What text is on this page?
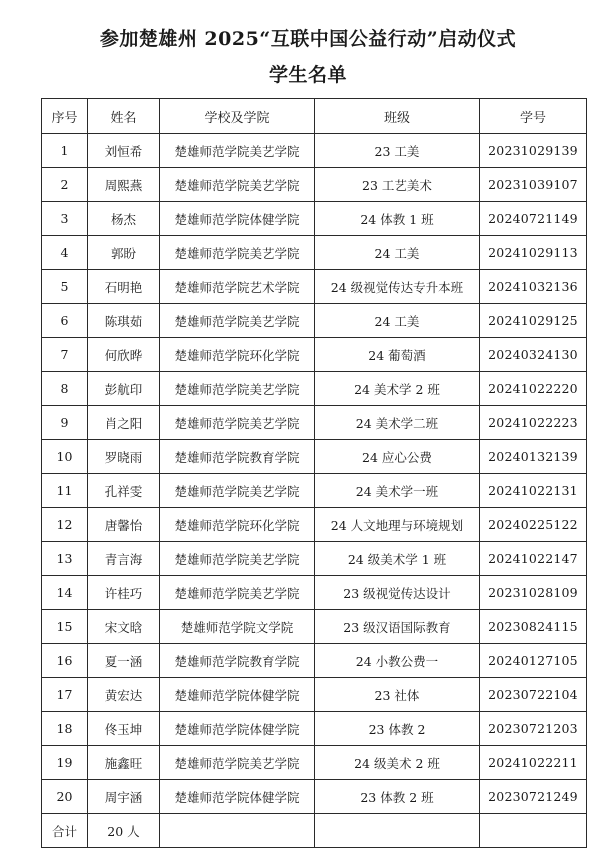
参加楚雄州 2025“互联中国公益行动”启动仪式
学生名单
序号	姓名	学校及学院	班级	学号
1	刘恒希	楚雄师范学院美艺学院	23 工美	20231029139
2	周熙燕	楚雄师范学院美艺学院	23 工艺美术	20231039107
3	杨杰	楚雄师范学院体健学院	24 体教 1 班	20240721149
4	郭盼	楚雄师范学院美艺学院	24 工美	20241029113
5	石明艳	楚雄师范学院艺术学院	24 级视觉传达专升本班	20241032136
6	陈琪茹	楚雄师范学院美艺学院	24 工美	20241029125
7	何欣晔	楚雄师范学院环化学院	24 葡萄酒	20240324130
8	彭航印	楚雄师范学院美艺学院	24 美术学 2 班	20241022220
9	肖之阳	楚雄师范学院美艺学院	24 美术学二班	20241022223
10	罗晓雨	楚雄师范学院教育学院	24 应心公费	20240132139
11	孔祥雯	楚雄师范学院美艺学院	24 美术学一班	20241022131
12	唐馨怡	楚雄师范学院环化学院	24 人文地理与环境规划	20240225122
13	青言海	楚雄师范学院美艺学院	24 级美术学 1 班	20241022147
14	许桂巧	楚雄师范学院美艺学院	23 级视觉传达设计	20231028109
15	宋文晗	楚雄师范学院文学院	23 级汉语国际教育	20230824115
16	夏一涵	楚雄师范学院教育学院	24 小教公费一	20240127105
17	黄宏达	楚雄师范学院体健学院	23 社体	20230722104
18	佟玉坤	楚雄师范学院体健学院	23 体教 2	20230721203
19	施鑫旺	楚雄师范学院美艺学院	24 级美术 2 班	20241022211
20	周宇涵	楚雄师范学院体健学院	23 体教 2 班	20230721249
合计	20 人			
